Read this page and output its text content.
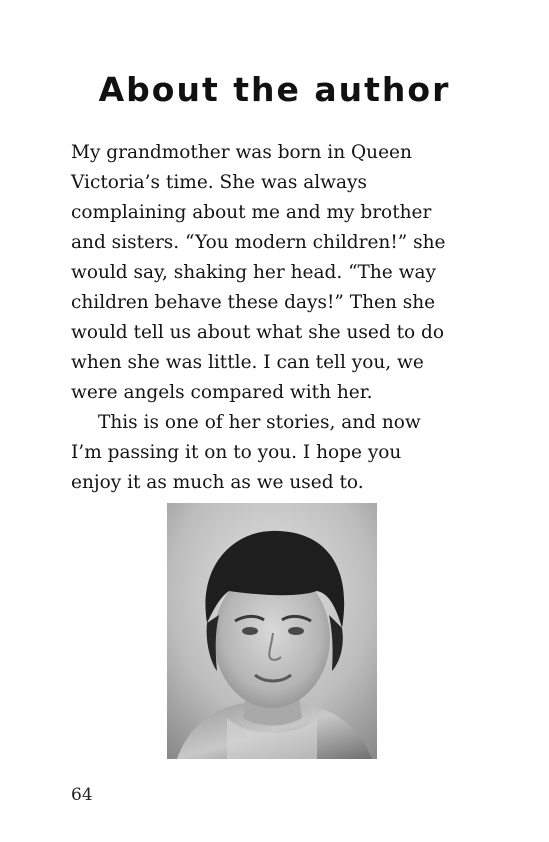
About the author
My grandmother was born in Queen
Victoria’s time. She was always
complaining about me and my brother
and sisters. “You modern children!” she
would say, shaking her head. “The way
children behave these days!” Then she
would tell us about what she used to do
when she was little. I can tell you, we
were angels compared with her.
This is one of her stories, and now
I’m passing it on to you. I hope you
enjoy it as much as we used to.
64
